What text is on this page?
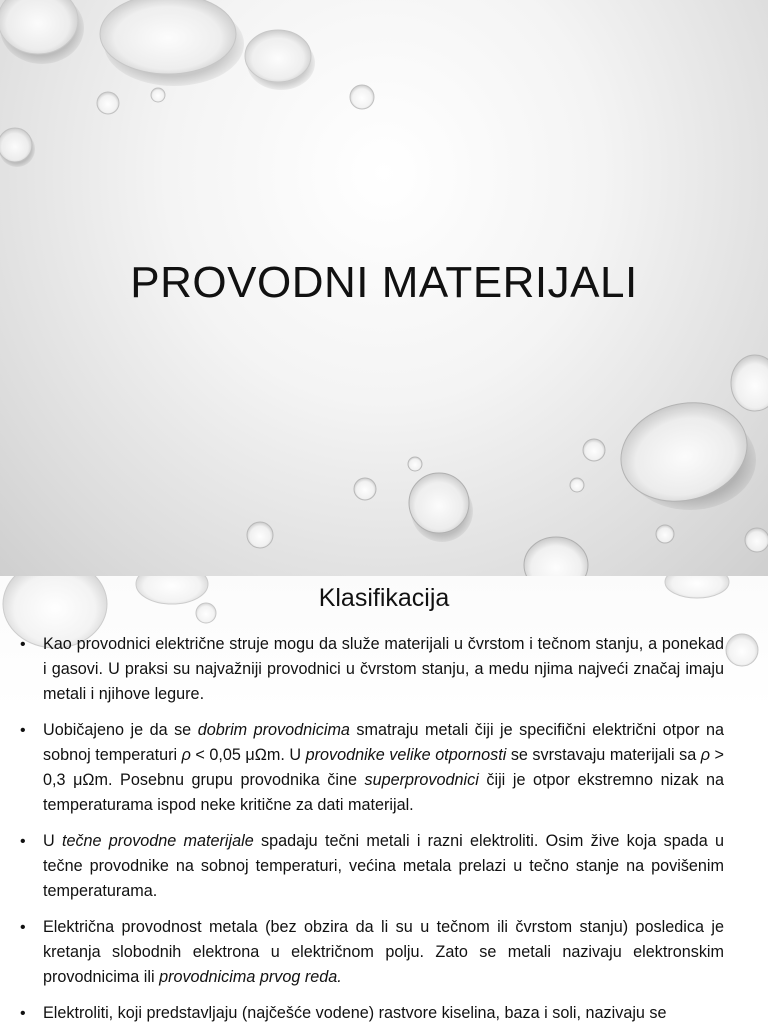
PROVODNI MATERIJALI
Klasifikacija
• Kao provodnici električne struje mogu da služe materijali u čvrstom i tečnom stanju, a ponekad i gasovi. U praksi su najvažniji provodnici u čvrstom stanju, a medu njima najveći značaj imaju metali i njihove legure.
• Uobičajeno je da se dobrim provodnicima smatraju metali čiji je specifični električni otpor na sobnoj temperaturi ρ < 0,05 μΩm. U provodnike velike otpornosti se svrstavaju materijali sa ρ > 0,3 μΩm. Posebnu grupu provodnika čine superprovodnici čiji je otpor ekstremno nizak na temperaturama ispod neke kritične za dati materijal.
• U tečne provodne materijale spadaju tečni metali i razni elektroliti. Osim žive koja spada u tečne provodnike na sobnoj temperaturi, većina metala prelazi u tečno stanje na povišenim temperaturama.
• Električna provodnost metala (bez obzira da li su u tečnom ili čvrstom stanju) posledica je kretanja slobodnih elektrona u električnom polju. Zato se metali nazivaju elektronskim provodnicima ili provodnicima prvog reda.
• Elektroliti, koji predstavljaju (najčešće vodene) rastvore kiselina, baza i soli, nazivaju se
